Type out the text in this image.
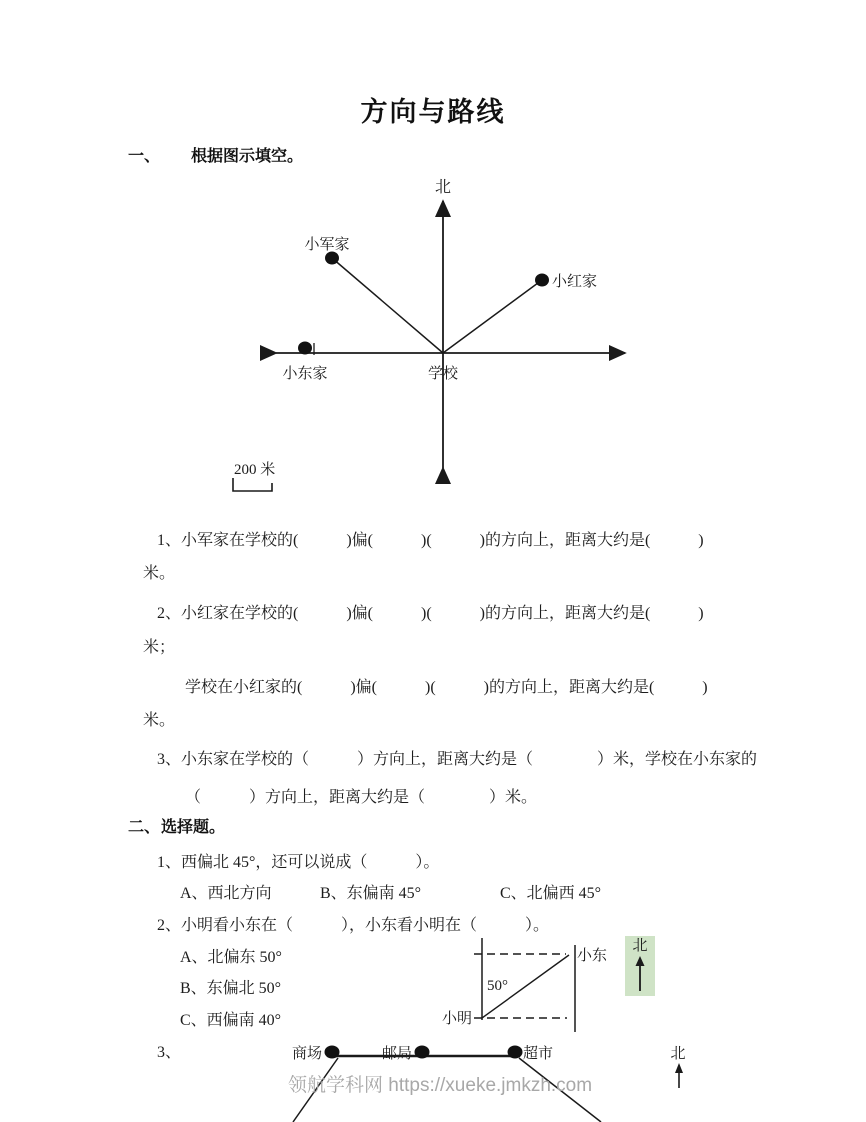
方向与路线
一、 根据图示填空。
北
小军家
小红家
小东家	学校
200 米
1、小军家在学校的(　　　)偏(　　　)(　　　)的方向上，距离大约是(　　　)
米。
2、小红家在学校的(　　　)偏(　　　)(　　　)的方向上，距离大约是(　　　)
米；
学校在小红家的(　　　)偏(　　　)(　　　)的方向上，距离大约是(　　　)
米。
3、小东家在学校的（　　　）方向上，距离大约是（　　　　）米，学校在小东家的
（　　　）方向上，距离大约是（　　　　）米。
二、 选择题。
1、西偏北 45°，还可以说成（　　　）。
A、西北方向	B、东偏南 45°	C、北偏西 45°
2、小明看小东在（　　　），小东看小明在（　　　）。
A、北偏东 50°
B、东偏北 50°
C、西偏南 40°
3、
50°
小东
小明
北
商场	邮局	超市	北
领航学科网 https://xueke.jmkzh.com
